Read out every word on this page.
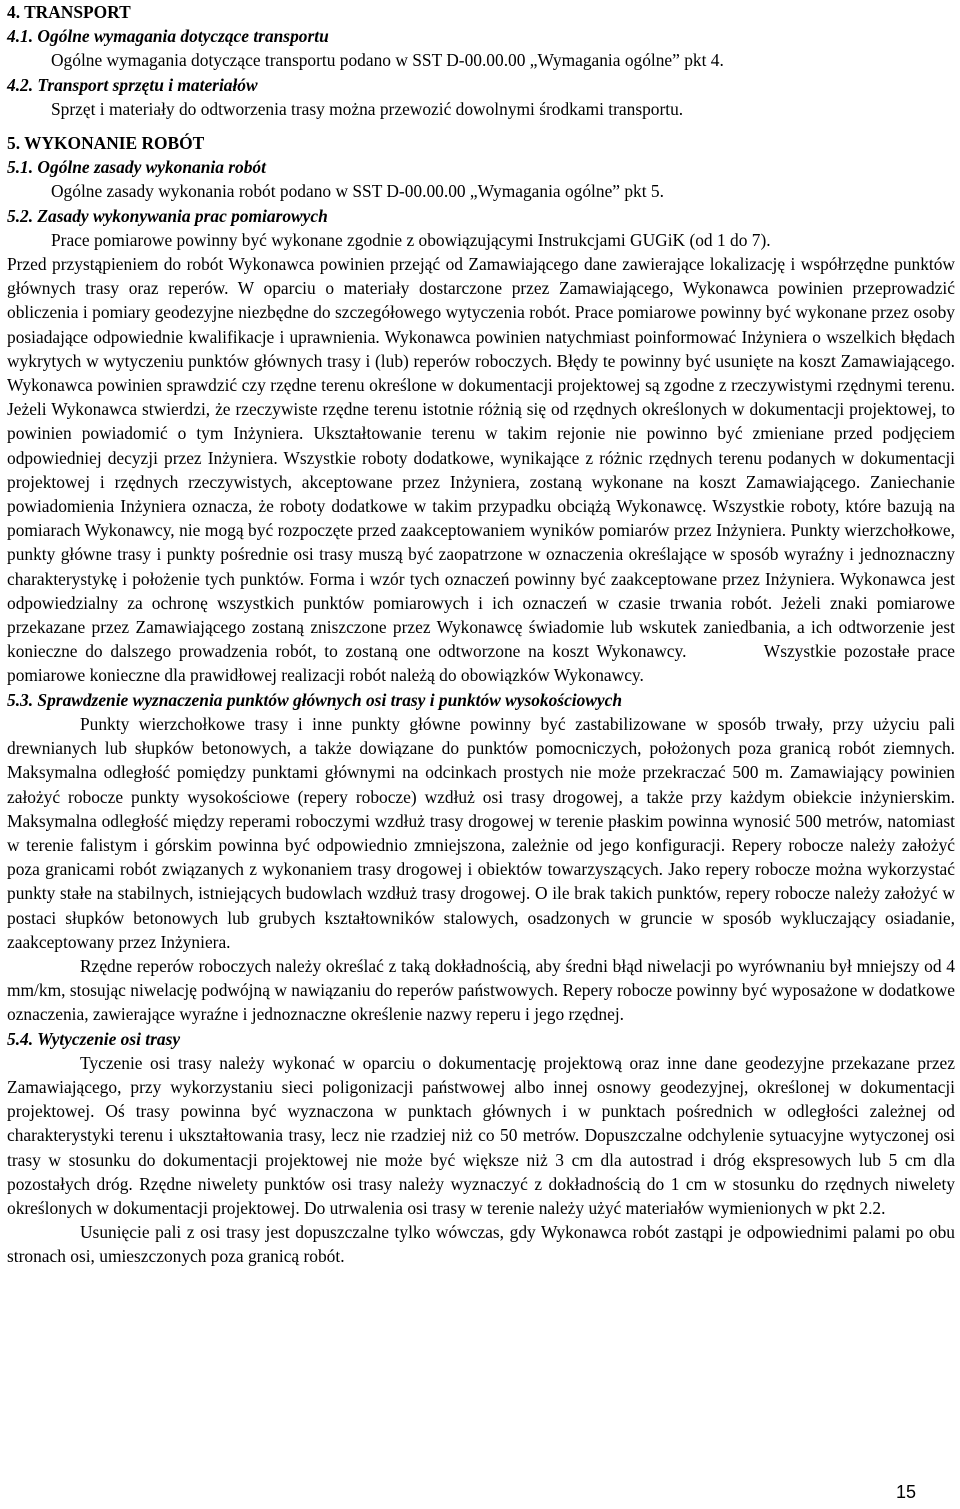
4. TRANSPORT

4.1. Ogólne wymagania dotyczące transportu

Ogólne wymagania dotyczące transportu podano w SST D-00.00.00 „Wymagania ogólne” pkt 4.

4.2. Transport sprzętu i materiałów

Sprzęt i materiały do odtworzenia trasy można przewozić dowolnymi środkami transportu.

5. WYKONANIE ROBÓT

5.1. Ogólne zasady wykonania robót

Ogólne zasady wykonania robót podano w SST D-00.00.00 „Wymagania ogólne” pkt 5.

5.2. Zasady wykonywania prac pomiarowych

Prace pomiarowe powinny być wykonane zgodnie z obowiązującymi Instrukcjami GUGiK (od 1 do 7).

Przed przystąpieniem do robót Wykonawca powinien przejąć od Zamawiającego dane zawierające lokalizację i współrzędne punktów głównych trasy oraz reperów. W oparciu o materiały dostarczone przez Zamawiającego, Wykonawca powinien przeprowadzić obliczenia i pomiary geodezyjne niezbędne do szczegółowego wytyczenia robót. Prace pomiarowe powinny być wykonane przez osoby posiadające odpowiednie kwalifikacje i uprawnienia. Wykonawca powinien natychmiast poinformować Inżyniera o wszelkich błędach wykrytych w wytyczeniu punktów głównych trasy i (lub) reperów roboczych. Błędy te powinny być usunięte na koszt Zamawiającego. Wykonawca powinien sprawdzić czy rzędne terenu określone w dokumentacji projektowej są zgodne z rzeczywistymi rzędnymi terenu. Jeżeli Wykonawca stwierdzi, że rzeczywiste rzędne terenu istotnie różnią się od rzędnych określonych w dokumentacji projektowej, to powinien powiadomić o tym Inżyniera. Ukształtowanie terenu w takim rejonie nie powinno być zmieniane przed podjęciem odpowiedniej decyzji przez Inżyniera. Wszystkie roboty dodatkowe, wynikające z różnic rzędnych terenu podanych w dokumentacji projektowej i rzędnych rzeczywistych, akceptowane przez Inżyniera, zostaną wykonane na koszt Zamawiającego. Zaniechanie powiadomienia Inżyniera oznacza, że roboty dodatkowe w takim przypadku obciążą Wykonawcę. Wszystkie roboty, które bazują na pomiarach Wykonawcy, nie mogą być rozpoczęte przed zaakceptowaniem wyników pomiarów przez Inżyniera. Punkty wierzchołkowe, punkty główne trasy i punkty pośrednie osi trasy muszą być zaopatrzone w oznaczenia określające w sposób wyraźny i jednoznaczny charakterystykę i położenie tych punktów. Forma i wzór tych oznaczeń powinny być zaakceptowane przez Inżyniera. Wykonawca jest odpowiedzialny za ochronę wszystkich punktów pomiarowych i ich oznaczeń w czasie trwania robót. Jeżeli znaki pomiarowe przekazane przez Zamawiającego zostaną zniszczone przez Wykonawcę świadomie lub wskutek zaniedbania, a ich odtworzenie jest konieczne do dalszego prowadzenia robót, to zostaną one odtworzone na koszt Wykonawcy.	Wszystkie pozostałe prace pomiarowe konieczne dla prawidłowej realizacji robót należą do obowiązków Wykonawcy.

5.3. Sprawdzenie wyznaczenia punktów głównych osi trasy i punktów wysokościowych

Punkty wierzchołkowe trasy i inne punkty główne powinny być zastabilizowane w sposób trwały, przy użyciu pali drewnianych lub słupków betonowych, a także dowiązane do punktów pomocniczych, położonych poza granicą robót ziemnych. Maksymalna odległość pomiędzy punktami głównymi na odcinkach prostych nie może przekraczać 500 m. Zamawiający powinien założyć robocze punkty wysokościowe (repery robocze) wzdłuż osi trasy drogowej, a także przy każdym obiekcie inżynierskim. Maksymalna odległość między reperami roboczymi wzdłuż trasy drogowej w terenie płaskim powinna wynosić 500 metrów, natomiast w terenie falistym i górskim powinna być odpowiednio zmniejszona, zależnie od jego konfiguracji. Repery robocze należy założyć poza granicami robót związanych z wykonaniem trasy drogowej i obiektów towarzyszących. Jako repery robocze można wykorzystać punkty stałe na stabilnych, istniejących budowlach wzdłuż trasy drogowej. O ile brak takich punktów, repery robocze należy założyć w postaci słupków betonowych lub grubych kształtowników stalowych, osadzonych w gruncie w sposób wykluczający osiadanie, zaakceptowany przez Inżyniera.

Rzędne reperów roboczych należy określać z taką dokładnością, aby średni błąd niwelacji po wyrównaniu był mniejszy od 4 mm/km, stosując niwelację podwójną w nawiązaniu do reperów państwowych. Repery robocze powinny być wyposażone w dodatkowe oznaczenia, zawierające wyraźne i jednoznaczne określenie nazwy reperu i jego rzędnej.

5.4. Wytyczenie osi trasy

Tyczenie osi trasy należy wykonać w oparciu o dokumentację projektową oraz inne dane geodezyjne przekazane przez Zamawiającego, przy wykorzystaniu sieci poligonizacji państwowej albo innej osnowy geodezyjnej, określonej w dokumentacji projektowej. Oś trasy powinna być wyznaczona w punktach głównych i w punktach pośrednich w odległości zależnej od charakterystyki terenu i ukształtowania trasy, lecz nie rzadziej niż co 50 metrów. Dopuszczalne odchylenie sytuacyjne wytyczonej osi trasy w stosunku do dokumentacji projektowej nie może być większe niż 3 cm dla autostrad i dróg ekspresowych lub 5 cm dla pozostałych dróg. Rzędne niwelety punktów osi trasy należy wyznaczyć z dokładnością do 1 cm w stosunku do rzędnych niwelety określonych w dokumentacji projektowej. Do utrwalenia osi trasy w terenie należy użyć materiałów wymienionych w pkt 2.2.

Usunięcie pali z osi trasy jest dopuszczalne tylko wówczas, gdy Wykonawca robót zastąpi je odpowiednimi palami po obu stronach osi, umieszczonych poza granicą robót.

15
